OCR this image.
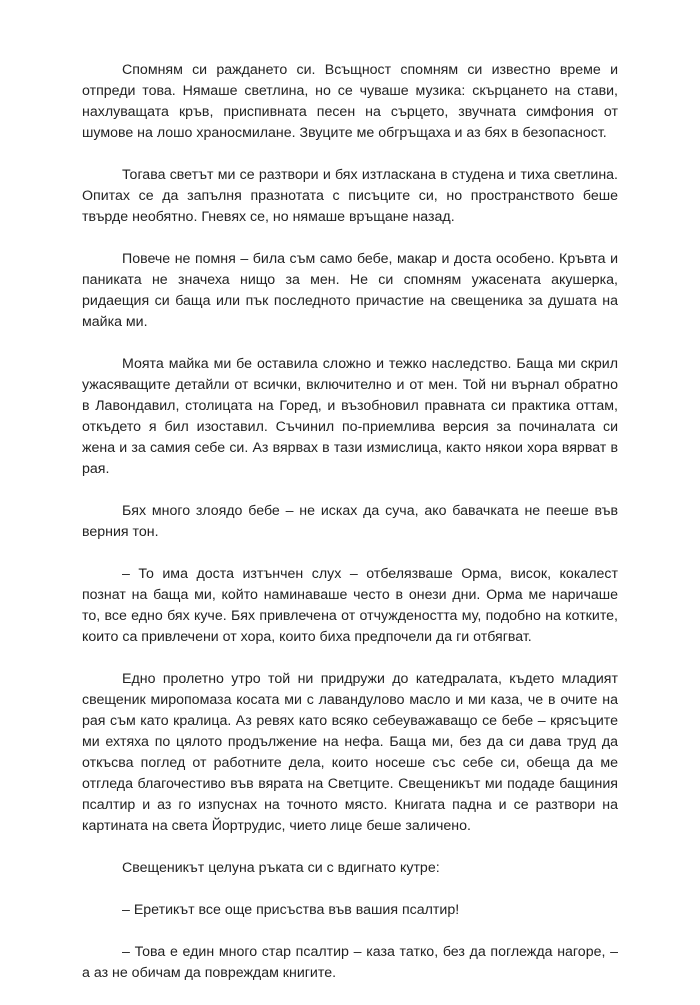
Спомням си раждането си. Всъщност спомням си известно време и отпреди това. Нямаше светлина, но се чуваше музика: скърцането на стави, нахлуващата кръв, приспивната песен на сърцето, звучната симфония от шумове на лошо храносмилане. Звуците ме обгръщаха и аз бях в безопасност.

Тогава светът ми се разтвори и бях изтласкана в студена и тиха светлина. Опитах се да запълня празнотата с писъците си, но пространството беше твърде необятно. Гневях се, но нямаше връщане назад.

Повече не помня – била съм само бебе, макар и доста особено. Кръвта и паниката не значеха нищо за мен. Не си спомням ужасената акушерка, ридаещия си баща или пък последното причастие на свещеника за душата на майка ми.

Моята майка ми бе оставила сложно и тежко наследство. Баща ми скрил ужасяващите детайли от всички, включително и от мен. Той ни върнал обратно в Лавондавил, столицата на Горед, и възобновил правната си практика оттам, откъдето я бил изоставил. Съчинил по-приемлива версия за починалата си жена и за самия себе си. Аз вярвах в тази измислица, както някои хора вярват в рая.

Бях много злоядо бебе – не исках да суча, ако бавачката не пееше във верния тон.

– То има доста изтънчен слух – отбелязваше Орма, висок, кокалест познат на баща ми, който наминаваше често в онези дни. Орма ме наричаше то, все едно бях куче. Бях привлечена от отчуждеността му, подобно на котките, които са привлечени от хора, които биха предпочели да ги отбягват.

Едно пролетно утро той ни придружи до катедралата, където младият свещеник миропомаза косата ми с лавандулово масло и ми каза, че в очите на рая съм като кралица. Аз ревях като всяко себеуважаващо се бебе – крясъците ми ехтяха по цялото продължение на нефа. Баща ми, без да си дава труд да откъсва поглед от работните дела, които носеше със себе си, обеща да ме отгледа благочестиво във вярата на Светците. Свещеникът ми подаде бащиния псалтир и аз го изпуснах на точното място. Книгата падна и се разтвори на картината на света Йортрудис, чието лице беше заличено.

Свещеникът целуна ръката си с вдигнато кутре:

– Еретикът все още присъства във вашия псалтир!

– Това е един много стар псалтир – каза татко, без да поглежда нагоре, – а аз не обичам да повреждам книгите.
